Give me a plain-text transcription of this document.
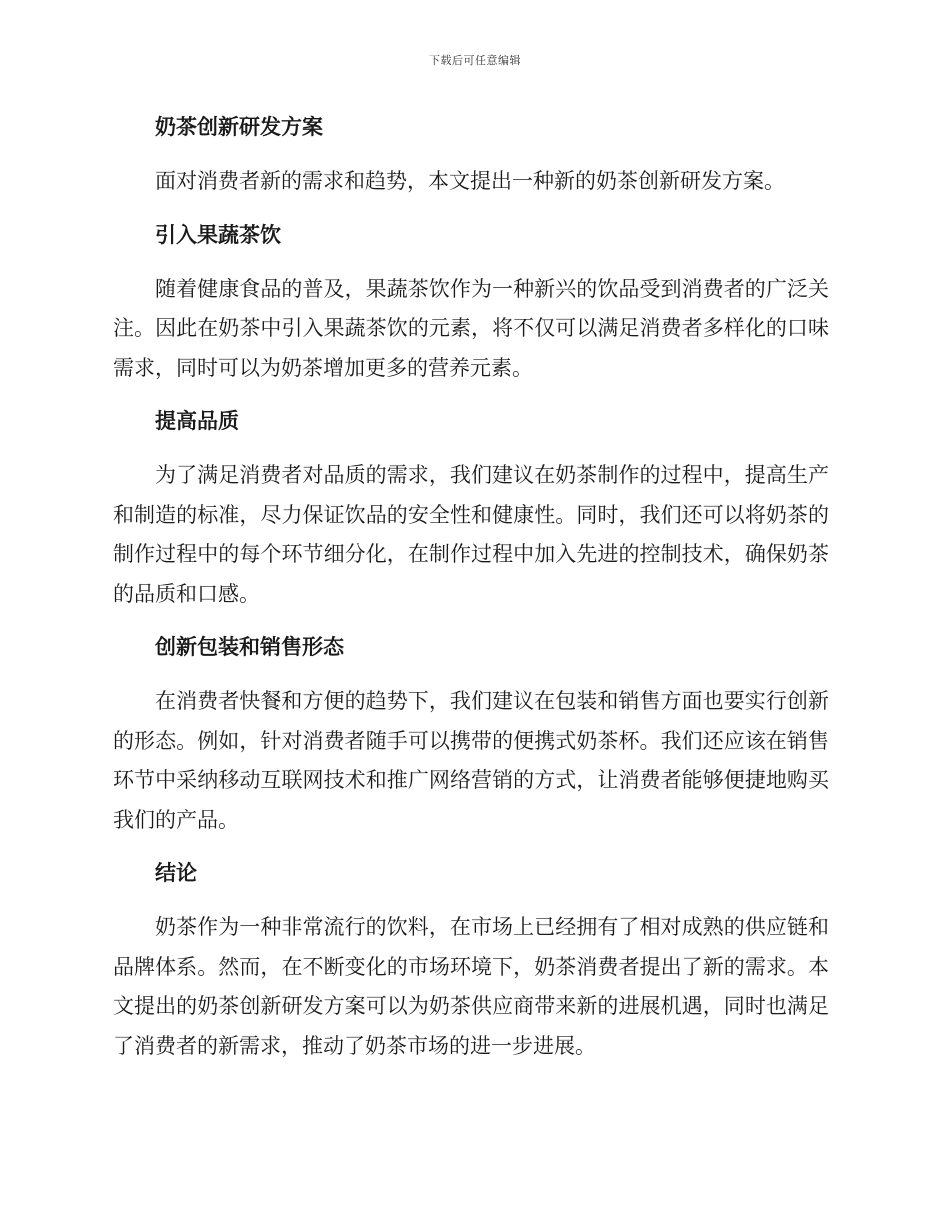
下载后可任意编辑
奶茶创新研发方案

面对消费者新的需求和趋势，本文提出一种新的奶茶创新研发方案。

引入果蔬茶饮

随着健康食品的普及，果蔬茶饮作为一种新兴的饮品受到消费者的广泛关注。因此在奶茶中引入果蔬茶饮的元素，将不仅可以满足消费者多样化的口味需求，同时可以为奶茶增加更多的营养元素。

提高品质

为了满足消费者对品质的需求，我们建议在奶茶制作的过程中，提高生产和制造的标准，尽力保证饮品的安全性和健康性。同时，我们还可以将奶茶的制作过程中的每个环节细分化，在制作过程中加入先进的控制技术，确保奶茶的品质和口感。

创新包装和销售形态

在消费者快餐和方便的趋势下，我们建议在包装和销售方面也要实行创新的形态。例如，针对消费者随手可以携带的便携式奶茶杯。我们还应该在销售环节中采纳移动互联网技术和推广网络营销的方式，让消费者能够便捷地购买我们的产品。

结论

奶茶作为一种非常流行的饮料，在市场上已经拥有了相对成熟的供应链和品牌体系。然而，在不断变化的市场环境下，奶茶消费者提出了新的需求。本文提出的奶茶创新研发方案可以为奶茶供应商带来新的进展机遇，同时也满足了消费者的新需求，推动了奶茶市场的进一步进展。
